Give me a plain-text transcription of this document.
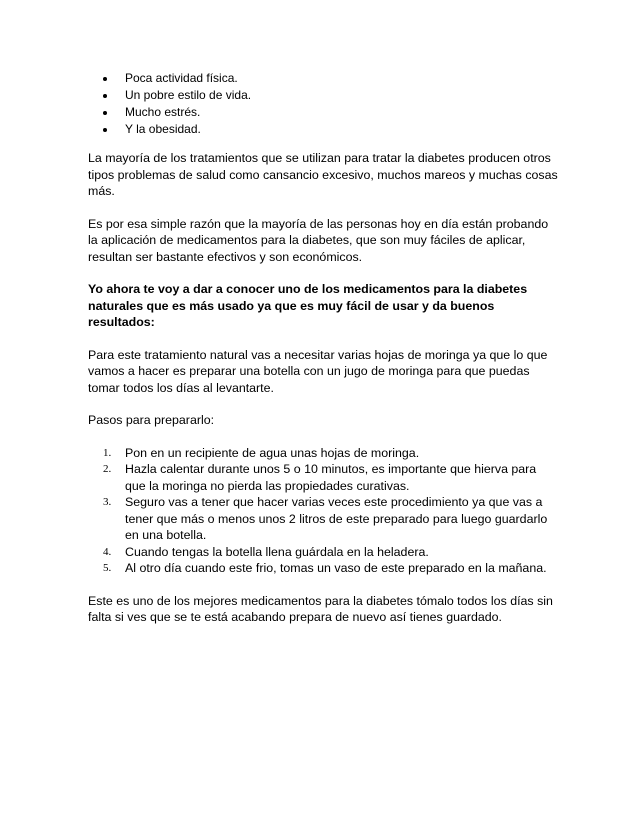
Poca actividad física.
Un pobre estilo de vida.
Mucho estrés.
Y la obesidad.

La mayoría de los tratamientos que se utilizan para tratar la diabetes producen otros tipos problemas de salud como cansancio excesivo, muchos mareos y muchas cosas más.

Es por esa simple razón que la mayoría de las personas hoy en día están probando la aplicación de medicamentos para la diabetes, que son muy fáciles de aplicar, resultan ser bastante efectivos y son económicos.

Yo ahora te voy a dar a conocer uno de los medicamentos para la diabetes naturales que es más usado ya que es muy fácil de usar y da buenos resultados:

Para este tratamiento natural vas a necesitar varias hojas de moringa ya que lo que vamos a hacer es preparar una botella con un jugo de moringa para que puedas tomar todos los días al levantarte.

Pasos para prepararlo:

1. Pon en un recipiente de agua unas hojas de moringa.
2. Hazla calentar durante unos 5 o 10 minutos, es importante que hierva para que la moringa no pierda las propiedades curativas.
3. Seguro vas a tener que hacer varias veces este procedimiento ya que vas a tener que más o menos unos 2 litros de este preparado para luego guardarlo en una botella.
4. Cuando tengas la botella llena guárdala en la heladera.
5. Al otro día cuando este frio, tomas un vaso de este preparado en la mañana.

Este es uno de los mejores medicamentos para la diabetes tómalo todos los días sin falta si ves que se te está acabando prepara de nuevo así tienes guardado.
